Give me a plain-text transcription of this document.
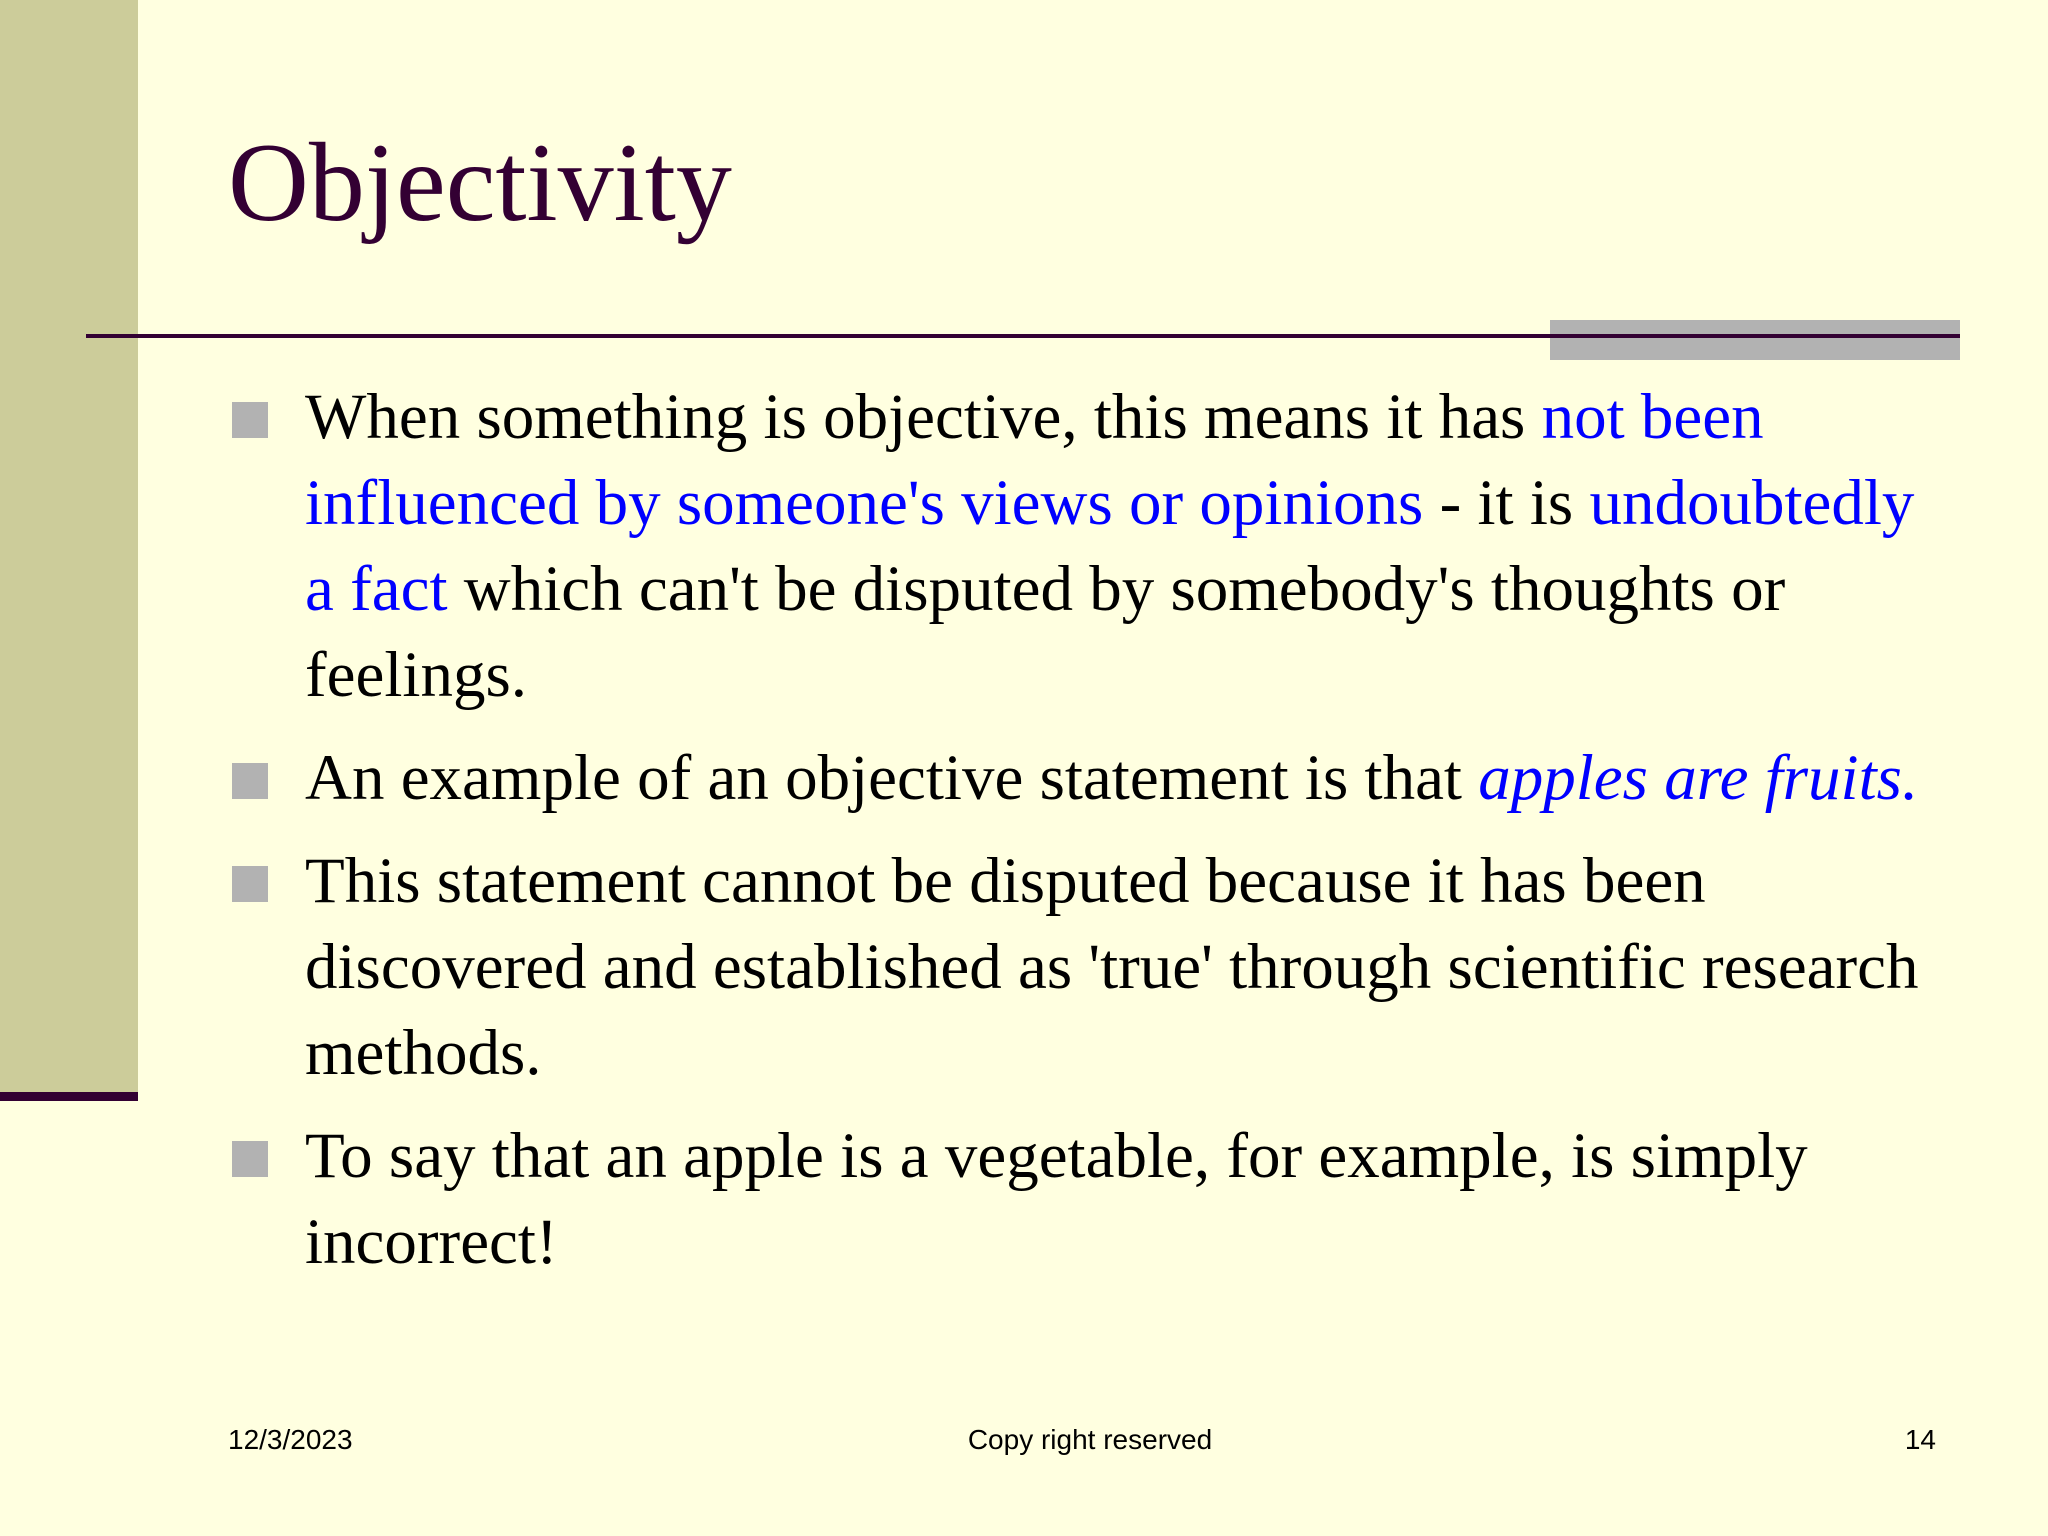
Objectivity
When something is objective, this means it has not been influenced by someone's views or opinions - it is undoubtedly a fact which can't be disputed by somebody's thoughts or feelings.
An example of an objective statement is that apples are fruits.
This statement cannot be disputed because it has been discovered and established as 'true' through scientific research methods.
To say that an apple is a vegetable, for example, is simply incorrect!
12/3/2023	Copy right reserved	14
